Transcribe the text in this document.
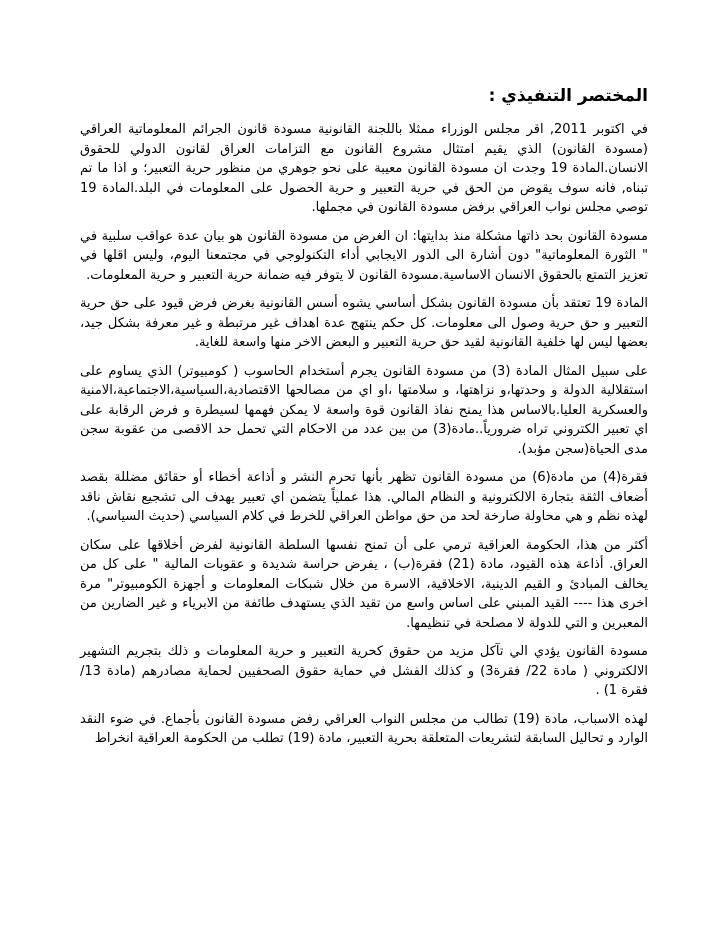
المختصر التنفيذي :

في اكتوبر 2011, اقر مجلس الوزراء ممثلا باللجنة القانونية مسودة قانون الجرائم المعلوماتية العراقي (مسودة القانون) الذي يقيم امتثال مشروع القانون مع التزامات العراق لقانون الدولي للحقوق الانسان.المادة 19 وجدت ان مسودة القانون معيبة على نحو جوهري من منظور حرية التعبير؛ و اذا ما تم تبناه, فانه سوف يقوض من الحق في حرية التعبير و حرية الحصول على المعلومات في البلد.المادة 19 توصي مجلس نواب العراقي برفض مسودة القانون في مجملها.

مسودة القانون بحد ذاتها مشكلة منذ بدايتها: ان الغرض من مسودة القانون هو بيان عدة عواقب سلبية في " الثورة المعلوماتية" دون أشارة الى الدور الايجابي أداء التكنولوجي في مجتمعنا اليوم، وليس اقلها في تعزيز التمتع بالحقوق الانسان الاساسية.مسودة القانون لا يتوفر فيه ضمانة حرية التعبير و حرية المعلومات.

المادة 19 تعتقد بأن مسودة القانون بشكل أساسي يشوه أسس القانونية بغرض فرض قيود على حق حرية التعبير و حق حرية وصول الى معلومات. كل حكم ينتهج عدة اهداف غير مرتبطة و غير معرفة بشكل جيد، بعضها ليس لها خلفية القانونية لقيد حق حرية التعبير و البعض الاخر منها واسعة للغاية.

على سبيل المثال المادة (3) من مسودة القانون يجرم أستخدام الحاسوب ( كومبيوتر) الذي يساوم على استقلالية الدولة و وحدتها،و نزاهتها، و سلامتها ،او اي من مصالحها الاقتصادية،السياسية،الاجتماعية،الامنية والعسكرية العليا.بالاساس هذا يمنح نفاذ القانون قوة واسعة لا يمكن فهمها لسيطرة و فرض الرقابة على اي تعبير الكتروني تراه ضرورياً..مادة(3) من بين عدد من الاحكام التي تحمل حد الاقصى من عقوبة سجن مدى الحياة(سجن مؤبد).

فقرة(4) من مادة(6) من مسودة القانون تظهر بأنها تحرم النشر و أذاعة أخطاء أو حقائق مضللة بقصد أضعاف الثقة بتجارة الالكترونية و النظام المالي. هذا عملياً يتضمن اي تعبير يهدف الى تشجيع نقاش ناقد لهذه نظم و هي محاولة صارخة لحد من حق مواطن العراقي للخرط في كلام السياسي (حديث السياسي).

أكثر من هذا، الحكومة العراقية ترمي على أن تمنح نفسها السلطة القانونية لفرض أخلاقها على سكان العراق. أذاعة هذه القيود، مادة (21) فقرة(ب) ، يفرض حراسة شديدة و عقوبات المالية " على كل من يخالف المبادئ و القيم الدينية، الاخلاقية، الاسرة من خلال شبكات المعلومات و أجهزة الكومبيوتر" مرة اخرى هذا ---- القيد المبني على اساس واسع من تقيد الذي يستهدف طائفة من الابرياء و غير الضارين من المعبرين و التي للدولة لا مصلحة في تنظيمها.

مسودة القانون يؤدي الي تآكل مزيد من حقوق كحرية التعبير و حرية المعلومات و ذلك بتجريم التشهير الالكتروني ( مادة 22/ فقرة3) و كذلك الفشل في حماية حقوق الصحفيين لحماية مصادرهم (مادة 13/ فقرة 1) .

لهذه الاسباب، مادة (19) تطالب من مجلس النواب العراقي رفض مسودة القانون بأجماع. في ضوء النقد الوارد و تحاليل السابقة لتشريعات المتعلقة بحرية التعبير، مادة (19) تطلب من الحكومة العراقية انخراط
